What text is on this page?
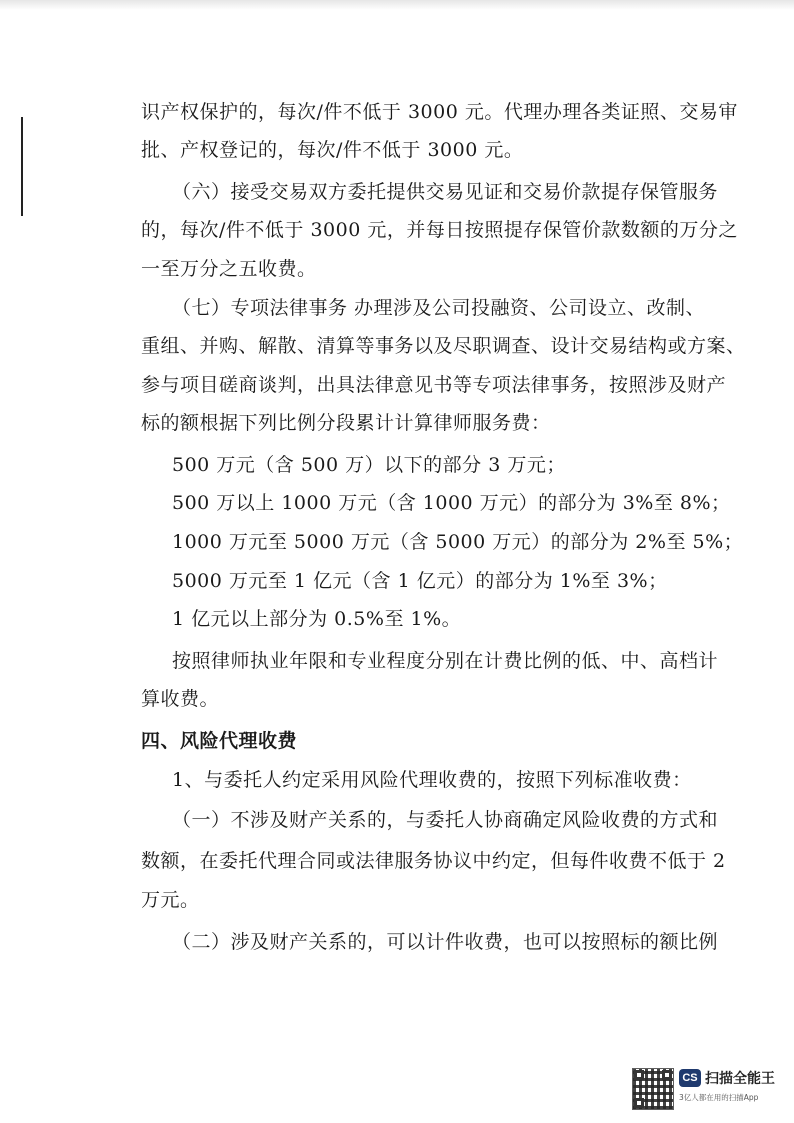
识产权保护的，每次/件不低于 3000 元。代理办理各类证照、交易审
批、产权登记的，每次/件不低于 3000 元。
（六）接受交易双方委托提供交易见证和交易价款提存保管服务
的，每次/件不低于 3000 元，并每日按照提存保管价款数额的万分之
一至万分之五收费。
（七）专项法律事务 办理涉及公司投融资、公司设立、改制、
重组、并购、解散、清算等事务以及尽职调查、设计交易结构或方案、
参与项目磋商谈判，出具法律意见书等专项法律事务，按照涉及财产
标的额根据下列比例分段累计计算律师服务费：
500 万元（含 500 万）以下的部分 3 万元；
500 万以上 1000 万元（含 1000 万元）的部分为 3%至 8%；
1000 万元至 5000 万元（含 5000 万元）的部分为 2%至 5%；
5000 万元至 1 亿元（含 1 亿元）的部分为 1%至 3%；
1 亿元以上部分为 0.5%至 1%。
按照律师执业年限和专业程度分别在计费比例的低、中、高档计
算收费。
四、风险代理收费
1、与委托人约定采用风险代理收费的，按照下列标准收费：
（一）不涉及财产关系的，与委托人协商确定风险收费的方式和
数额，在委托代理合同或法律服务协议中约定，但每件收费不低于 2
万元。
（二）涉及财产关系的，可以计件收费，也可以按照标的额比例
CS 扫描全能王
3亿人都在用的扫描App
